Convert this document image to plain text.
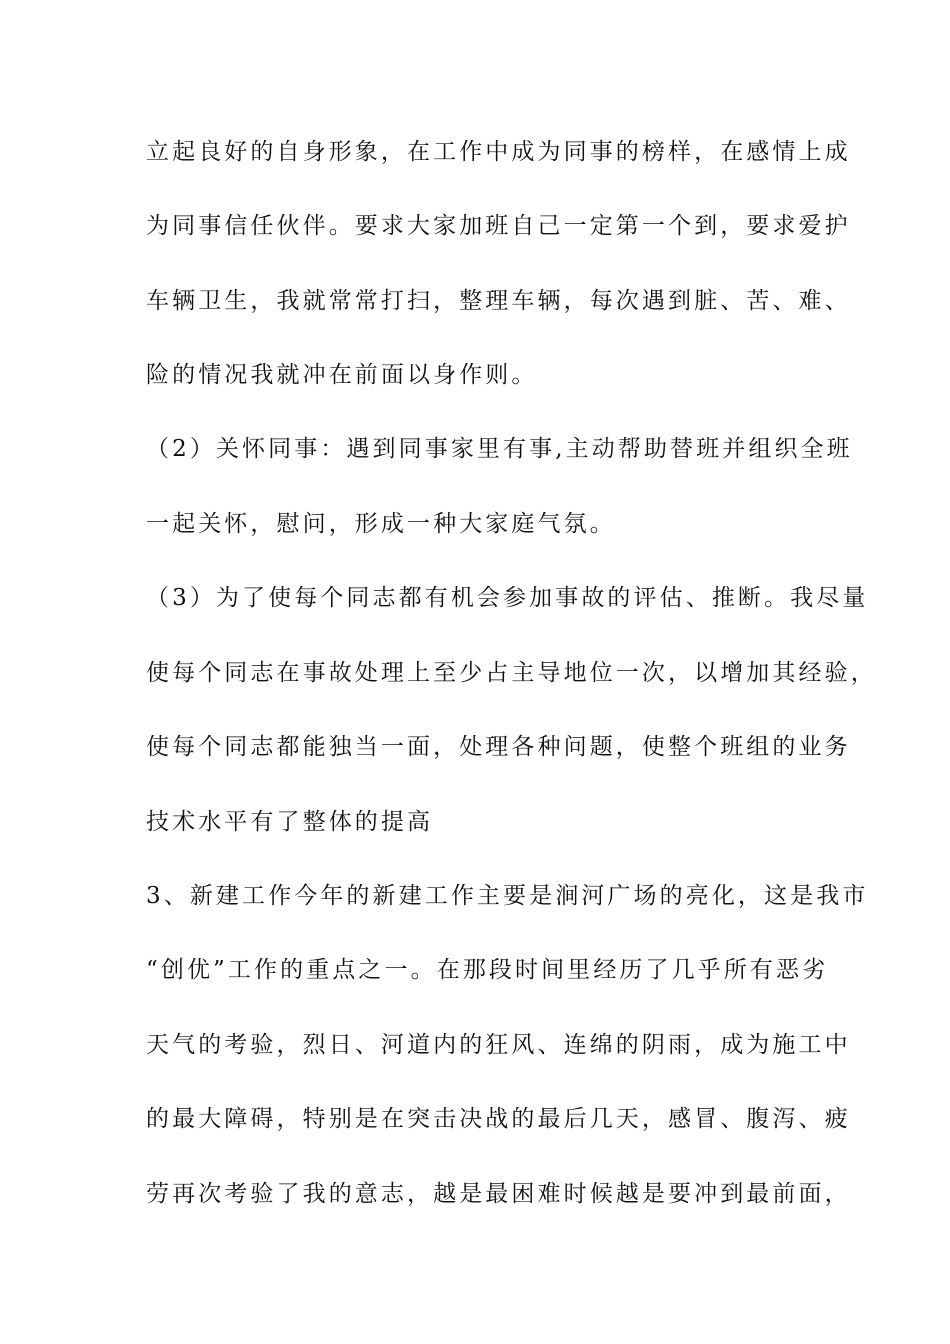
立起良好的自身形象，在工作中成为同事的榜样，在感情上成
为同事信任伙伴。要求大家加班自己一定第一个到，要求爱护
车辆卫生，我就常常打扫，整理车辆，每次遇到脏、苦、难、
险的情况我就冲在前面以身作则。
（2）关怀同事：遇到同事家里有事,主动帮助替班并组织全班
一起关怀，慰问，形成一种大家庭气氛。
（3）为了使每个同志都有机会参加事故的评估、推断。我尽量
使每个同志在事故处理上至少占主导地位一次，以增加其经验，
使每个同志都能独当一面，处理各种问题，使整个班组的业务
技术水平有了整体的提高
3、新建工作今年的新建工作主要是涧河广场的亮化，这是我市
“创优”工作的重点之一。在那段时间里经历了几乎所有恶劣
天气的考验，烈日、河道内的狂风、连绵的阴雨，成为施工中
的最大障碍，特别是在突击决战的最后几天，感冒、腹泻、疲
劳再次考验了我的意志，越是最困难时候越是要冲到最前面，
